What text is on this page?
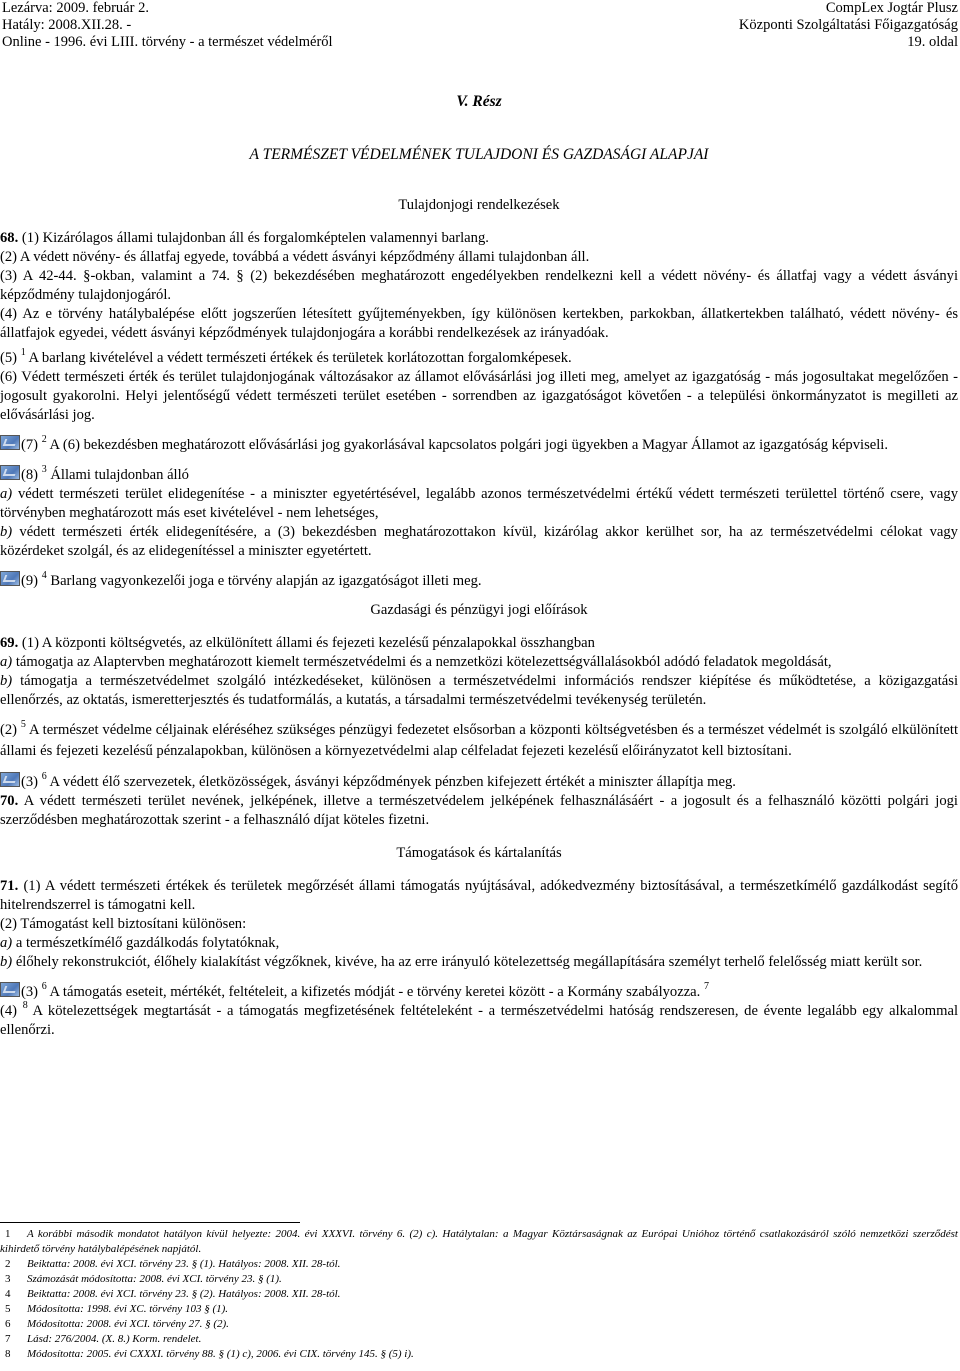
Lezárva: 2009. február 2.	CompLex Jogtár Plusz
Hatály: 2008.XII.28. -	Központi Szolgáltatási Főigazgatóság
Online - 1996. évi LIII. törvény - a természet védelméről	19. oldal
V. Rész
A TERMÉSZET VÉDELMÉNEK TULAJDONI ÉS GAZDASÁGI ALAPJAI
Tulajdonjogi rendelkezések

68. (1) Kizárólagos állami tulajdonban áll és forgalomképtelen valamennyi barlang.

(2) A védett növény- és állatfaj egyede, továbbá a védett ásványi képződmény állami tulajdonban áll.

(3) A 42-44. §-okban, valamint a 74. § (2) bekezdésében meghatározott engedélyekben rendelkezni kell a védett növény- és állatfaj vagy a védett ásványi képződmény tulajdonjogáról.

(4) Az e törvény hatálybalépése előtt jogszerűen létesített gyűjteményekben, így különösen kertekben, parkokban, állatkertekben található, védett növény- és állatfajok egyedei, védett ásványi képződmények tulajdonjogára a korábbi rendelkezések az irányadóak.

(5) $^1$ A barlang kivételével a védett természeti értékek és területek korlátozottan forgalomképesek.

(6) Védett természeti érték és terület tulajdonjogának változásakor az államot elővásárlási jog illeti meg, amelyet az igazgatóság - más jogosultakat megelőzően - jogosult gyakorolni. Helyi jelentőségű védett természeti terület esetében - sorrendben az igazgatóságot követően - a települési önkormányzatot is megilleti az elővásárlási jog.

(7) $^2$ A (6) bekezdésben meghatározott elővásárlási jog gyakorlásával kapcsolatos polgári jogi ügyekben a Magyar Államot az igazgatóság képviseli.

(8) $^3$ Állami tulajdonban álló

a) védett természeti terület elidegenítése - a miniszter egyetértésével, legalább azonos természetvédelmi értékű védett természeti területtel történő csere, vagy törvényben meghatározott más eset kivételével - nem lehetséges,

b) védett természeti érték elidegenítésére, a (3) bekezdésben meghatározottakon kívül, kizárólag akkor kerülhet sor, ha az természetvédelmi célokat vagy közérdeket szolgál, és az elidegenítéssel a miniszter egyetértett.

(9) $^4$ Barlang vagyonkezelői joga e törvény alapján az igazgatóságot illeti meg.

Gazdasági és pénzügyi jogi előírások

69. (1) A központi költségvetés, az elkülönített állami és fejezeti kezelésű pénzalapokkal összhangban

a) támogatja az Alaptervben meghatározott kiemelt természetvédelmi és a nemzetközi kötelezettségvállalásokból adódó feladatok megoldását,

b) támogatja a természetvédelmet szolgáló intézkedéseket, különösen a természetvédelmi információs rendszer kiépítése és működtetése, a közigazgatási ellenőrzés, az oktatás, ismeretterjesztés és tudatformálás, a kutatás, a társadalmi természetvédelmi tevékenység területén.

(2) $^5$ A természet védelme céljainak eléréséhez szükséges pénzügyi fedezetet elsősorban a központi költségvetésben és a természet védelmét is szolgáló elkülönített állami és fejezeti kezelésű pénzalapokban, különösen a környezetvédelmi alap célfeladat fejezeti kezelésű előirányzatot kell biztosítani.

(3) $^6$ A védett élő szervezetek, életközösségek, ásványi képződmények pénzben kifejezett értékét a miniszter állapítja meg.

70. A védett természeti terület nevének, jelképének, illetve a természetvédelem jelképének felhasználásáért - a jogosult és a felhasználó közötti polgári jogi szerződésben meghatározottak szerint - a felhasználó díjat köteles fizetni.

Támogatások és kártalanítás

71. (1) A védett természeti értékek és területek megőrzését állami támogatás nyújtásával, adókedvezmény biztosításával, a természetkímélő gazdálkodást segítő hitelrendszerrel is támogatni kell.

(2) Támogatást kell biztosítani különösen:

a) a természetkímélő gazdálkodás folytatóknak,

b) élőhely rekonstrukciót, élőhely kialakítást végzőknek, kivéve, ha az erre irányuló kötelezettség megállapítására személyt terhelő felelősség miatt került sor.

(3) $^6$ A támogatás eseteit, mértékét, feltételeit, a kifizetés módját - e törvény keretei között - a Kormány szabályozza. $^7$

(4) $^8$ A kötelezettségek megtartását - a támogatás megfizetésének feltételeként - a természetvédelmi hatóság rendszeresen, de évente legalább egy alkalommal ellenőrzi.

1 A korábbi második mondatot hatályon kívül helyezte: 2004. évi XXXVI. törvény 6. (2) c). Hatálytalan: a Magyar Köztársaságnak az Európai Unióhoz történő csatlakozásáról szóló nemzetközi szerződést kihirdető törvény hatálybalépésének napjától.

2 Beiktatta: 2008. évi XCI. törvény 23. § (1). Hatályos: 2008. XII. 28-tól.

3 Számozását módosította: 2008. évi XCI. törvény 23. § (1).

4 Beiktatta: 2008. évi XCI. törvény 23. § (2). Hatályos: 2008. XII. 28-tól.

5 Módosította: 1998. évi XC. törvény 103 § (1).

6 Módosította: 2008. évi XCI. törvény 27. § (2).

7 Lásd: 276/2004. (X. 8.) Korm. rendelet.

8 Módosította: 2005. évi CXXXI. törvény 88. § (1) c), 2006. évi CIX. törvény 145. § (5) i).
